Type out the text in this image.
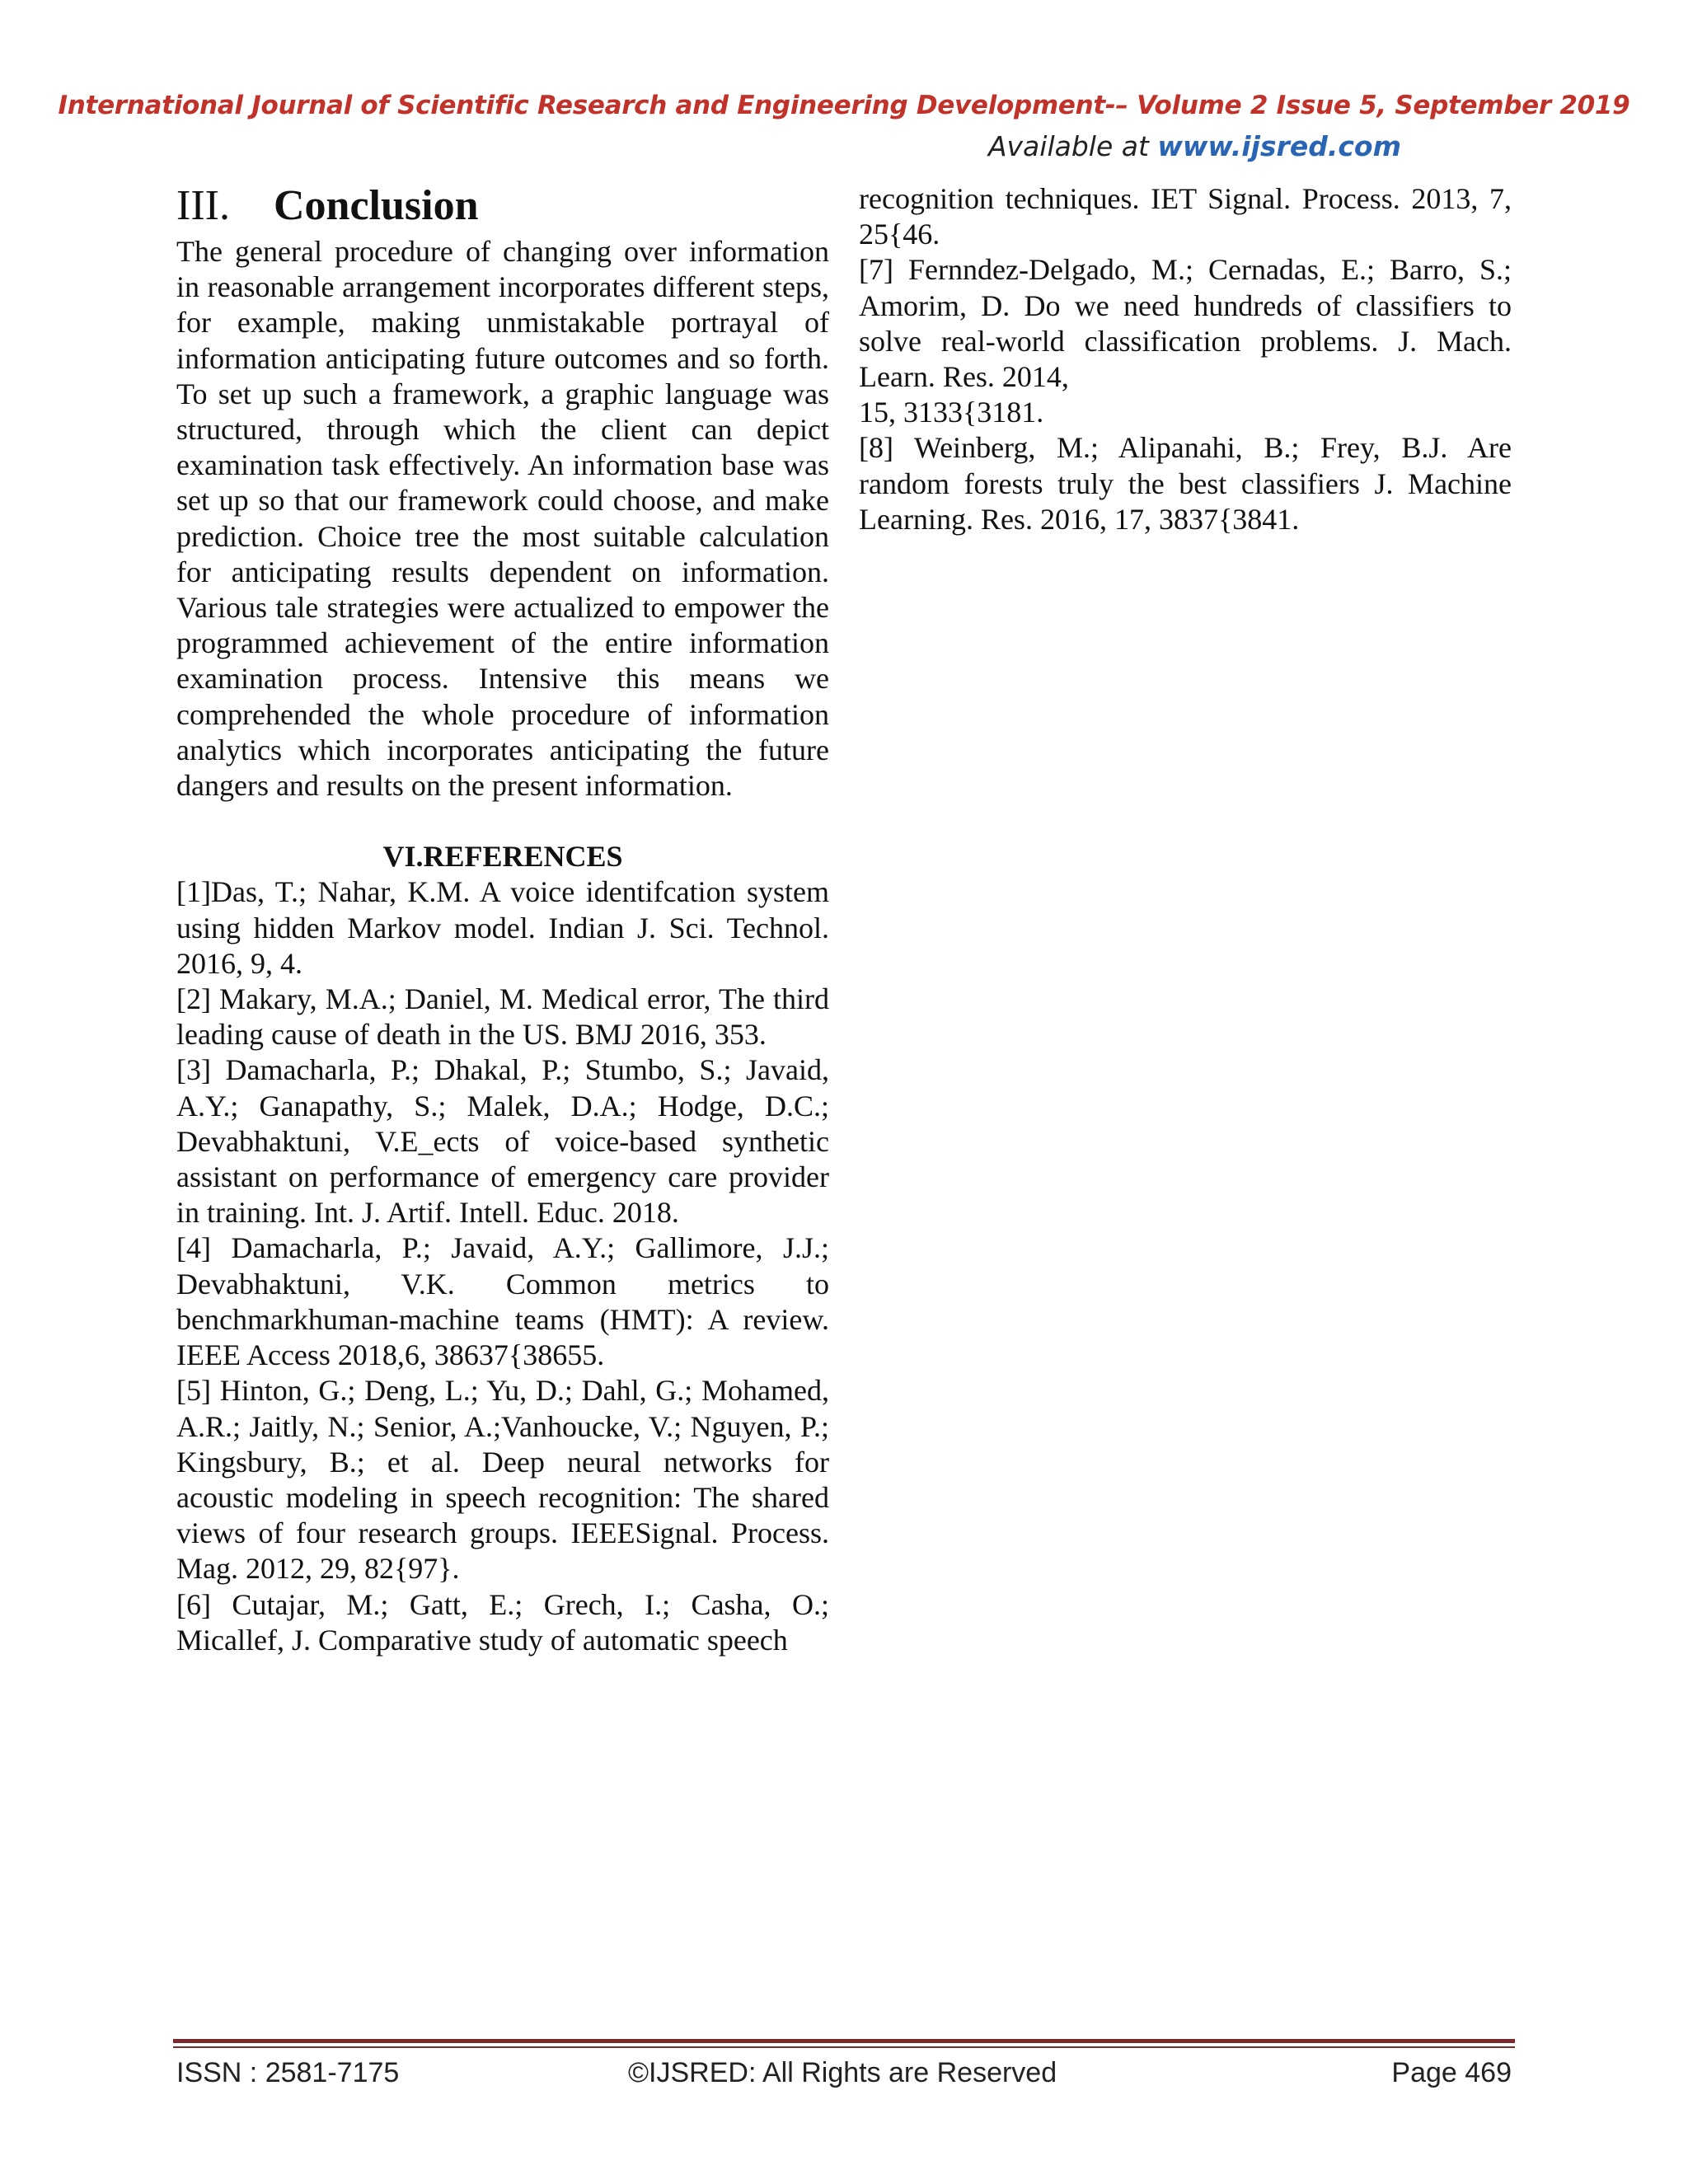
International Journal of Scientific Research and Engineering Development-– Volume 2 Issue 5, September 2019
Available at www.ijsred.com
III. Conclusion

The general procedure of changing over information in reasonable arrangement incorporates different steps, for example, making unmistakable portrayal of information anticipating future outcomes and so forth. To set up such a framework, a graphic language was structured, through which the client can depict examination task effectively. An information base was set up so that our framework could choose, and make prediction. Choice tree the most suitable calculation for anticipating results dependent on information. Various tale strategies were actualized to empower the programmed achievement of the entire information examination process. Intensive this means we comprehended the whole procedure of information analytics which incorporates anticipating the future dangers and results on the present information.

VI.REFERENCES

[1]Das, T.; Nahar, K.M. A voice identifcation system using hidden Markov model. Indian J. Sci. Technol. 2016, 9, 4.

[2] Makary, M.A.; Daniel, M. Medical error, The third leading cause of death in the US. BMJ 2016, 353.

[3] Damacharla, P.; Dhakal, P.; Stumbo, S.; Javaid, A.Y.; Ganapathy, S.; Malek, D.A.; Hodge, D.C.; Devabhaktuni, V.E_ects of voice-based synthetic assistant on performance of emergency care provider in training. Int. J. Artif. Intell. Educ. 2018.

[4] Damacharla, P.; Javaid, A.Y.; Gallimore, J.J.; Devabhaktuni, V.K. Common metrics to benchmarkhuman-machine teams (HMT): A review. IEEE Access 2018,6, 38637{38655.

[5] Hinton, G.; Deng, L.; Yu, D.; Dahl, G.; Mohamed, A.R.; Jaitly, N.; Senior, A.;Vanhoucke, V.; Nguyen, P.; Kingsbury, B.; et al. Deep neural networks for acoustic modeling in speech recognition: The shared views of four research groups. IEEESignal. Process. Mag. 2012, 29, 82{97}.

[6] Cutajar, M.; Gatt, E.; Grech, I.; Casha, O.; Micallef, J. Comparative study of automatic speech

recognition techniques. IET Signal. Process. 2013, 7, 25{46.

[7] Fernndez-Delgado, M.; Cernadas, E.; Barro, S.; Amorim, D. Do we need hundreds of classifiers to solve real-world classification problems. J. Mach. Learn. Res. 2014,

15, 3133{3181.

[8] Weinberg, M.; Alipanahi, B.; Frey, B.J. Are random forests truly the best classifiers J. Machine Learning. Res. 2016, 17, 3837{3841.

ISSN : 2581-7175	©IJSRED: All Rights are Reserved	Page 469
